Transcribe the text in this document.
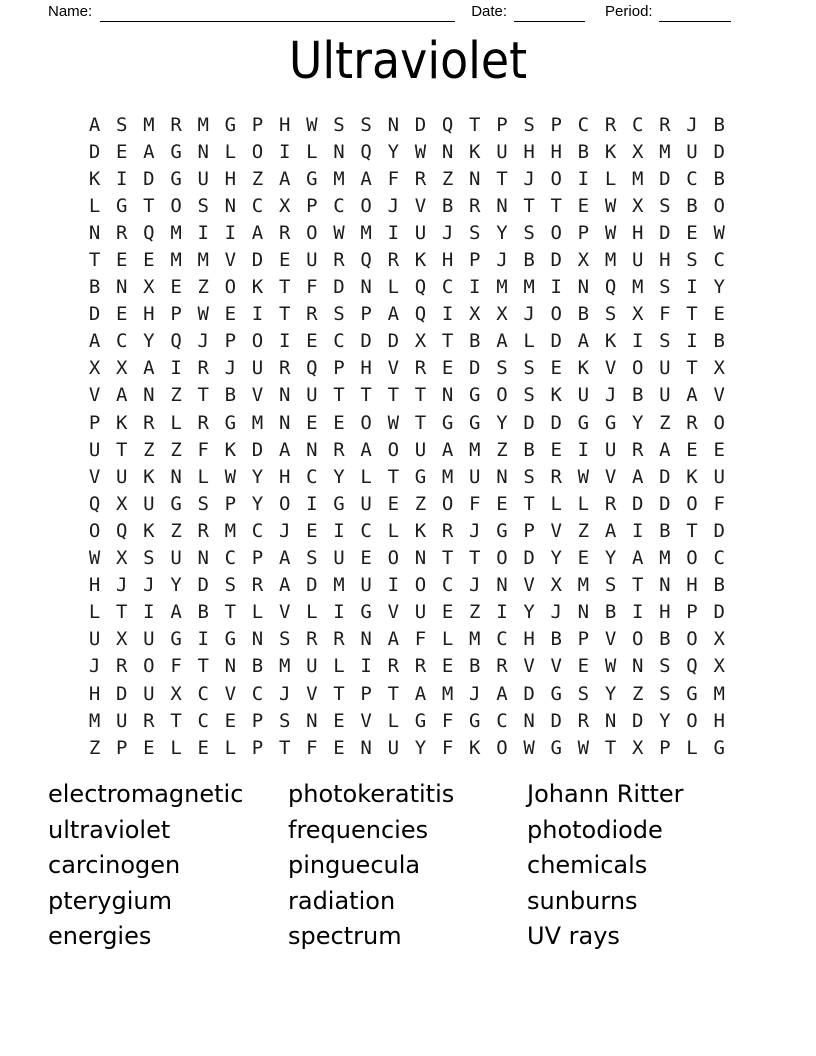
Name:	Date:	Period:
Ultraviolet
A S M R M G P H W S S N D Q T P S P C R C R J B
D E A G N L O I L N Q Y W N K U H H B K X M U D
K I D G U H Z A G M A F R Z N T J O I L M D C B
L G T O S N C X P C O J V B R N T T E W X S B O
N R Q M I I A R O W M I U J S Y S O P W H D E W
T E E M M V D E U R Q R K H P J B D X M U H S C
B N X E Z O K T F D N L Q C I M M I N Q M S I Y
D E H P W E I T R S P A Q I X X J O B S X F T E
A C Y Q J P O I E C D D X T B A L D A K I S I B
X X A I R J U R Q P H V R E D S S E K V O U T X
V A N Z T B V N U T T T T N G O S K U J B U A V
P K R L R G M N E E O W T G G Y D D G G Y Z R O
U T Z Z F K D A N R A O U A M Z B E I U R A E E
V U K N L W Y H C Y L T G M U N S R W V A D K U
Q X U G S P Y O I G U E Z O F E T L L R D D O F
O Q K Z R M C J E I C L K R J G P V Z A I B T D
W X S U N C P A S U E O N T T O D Y E Y A M O C
H J J Y D S R A D M U I O C J N V X M S T N H B
L T I A B T L V L I G V U E Z I Y J N B I H P D
U X U G I G N S R R N A F L M C H B P V O B O X
J R O F T N B M U L I R R E B R V V E W N S Q X
H D U X C V C J V T P T A M J A D G S Y Z S G M
M U R T C E P S N E V L G F G C N D R N D Y O H
Z P E L E L P T F E N U Y F K O W G W T X P L G
electromagnetic
ultraviolet
carcinogen
pterygium
energies
photokeratitis
frequencies
pinguecula
radiation
spectrum
Johann Ritter
photodiode
chemicals
sunburns
UV rays
